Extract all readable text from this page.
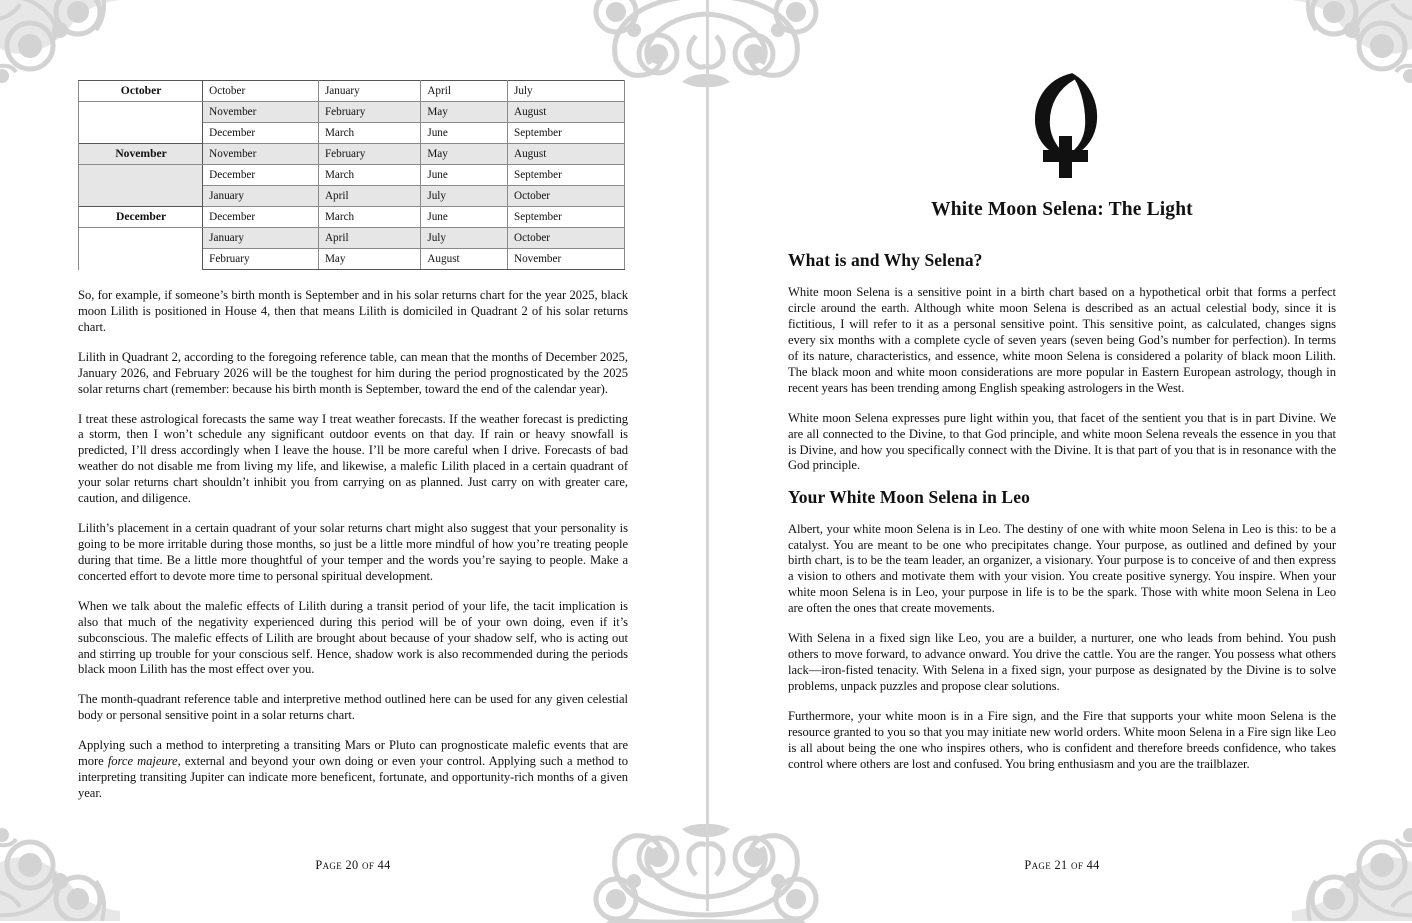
October	October	January	April	July
	November	February	May	August
	December	March	June	September
November	November	February	May	August
	December	March	June	September
	January	April	July	October
December	December	March	June	September
	January	April	July	October
	February	May	August	November

So, for example, if someone’s birth month is September and in his solar returns chart for the year 2025, black moon Lilith is positioned in House 4, then that means Lilith is domiciled in Quadrant 2 of his solar returns chart.

Lilith in Quadrant 2, according to the foregoing reference table, can mean that the months of December 2025, January 2026, and February 2026 will be the toughest for him during the period prognosticated by the 2025 solar returns chart (remember: because his birth month is September, toward the end of the calendar year).

I treat these astrological forecasts the same way I treat weather forecasts. If the weather forecast is predicting a storm, then I won’t schedule any significant outdoor events on that day. If rain or heavy snowfall is predicted, I’ll dress accordingly when I leave the house. I’ll be more careful when I drive. Forecasts of bad weather do not disable me from living my life, and likewise, a malefic Lilith placed in a certain quadrant of your solar returns chart shouldn’t inhibit you from carrying on as planned. Just carry on with greater care, caution, and diligence.

Lilith’s placement in a certain quadrant of your solar returns chart might also suggest that your personality is going to be more irritable during those months, so just be a little more mindful of how you’re treating people during that time. Be a little more thoughtful of your temper and the words you’re saying to people. Make a concerted effort to devote more time to personal spiritual development.

When we talk about the malefic effects of Lilith during a transit period of your life, the tacit implication is also that much of the negativity experienced during this period will be of your own doing, even if it’s subconscious. The malefic effects of Lilith are brought about because of your shadow self, who is acting out and stirring up trouble for your conscious self. Hence, shadow work is also recommended during the periods black moon Lilith has the most effect over you.

The month-quadrant reference table and interpretive method outlined here can be used for any given celestial body or personal sensitive point in a solar returns chart.

Applying such a method to interpreting a transiting Mars or Pluto can prognosticate malefic events that are more force majeure, external and beyond your own doing or even your control. Applying such a method to interpreting transiting Jupiter can indicate more beneficent, fortunate, and opportunity-rich months of a given year.

Page 20 of 44
White Moon Selena: The Light
What is and Why Selena?

White moon Selena is a sensitive point in a birth chart based on a hypothetical orbit that forms a perfect circle around the earth. Although white moon Selena is described as an actual celestial body, since it is fictitious, I will refer to it as a personal sensitive point. This sensitive point, as calculated, changes signs every six months with a complete cycle of seven years (seven being God’s number for perfection). In terms of its nature, characteristics, and essence, white moon Selena is considered a polarity of black moon Lilith. The black moon and white moon considerations are more popular in Eastern European astrology, though in recent years has been trending among English speaking astrologers in the West.

White moon Selena expresses pure light within you, that facet of the sentient you that is in part Divine. We are all connected to the Divine, to that God principle, and white moon Selena reveals the essence in you that is Divine, and how you specifically connect with the Divine. It is that part of you that is in resonance with the God principle.

Your White Moon Selena in Leo

Albert, your white moon Selena is in Leo. The destiny of one with white moon Selena in Leo is this: to be a catalyst. You are meant to be one who precipitates change. Your purpose, as outlined and defined by your birth chart, is to be the team leader, an organizer, a visionary. Your purpose is to conceive of and then express a vision to others and motivate them with your vision. You create positive synergy. You inspire. When your white moon Selena is in Leo, your purpose in life is to be the spark. Those with white moon Selena in Leo are often the ones that create movements.

With Selena in a fixed sign like Leo, you are a builder, a nurturer, one who leads from behind. You push others to move forward, to advance onward. You drive the cattle. You are the ranger. You possess what others lack—iron-fisted tenacity. With Selena in a fixed sign, your purpose as designated by the Divine is to solve problems, unpack puzzles and propose clear solutions.

Furthermore, your white moon is in a Fire sign, and the Fire that supports your white moon Selena is the resource granted to you so that you may initiate new world orders. White moon Selena in a Fire sign like Leo is all about being the one who inspires others, who is confident and therefore breeds confidence, who takes control where others are lost and confused. You bring enthusiasm and you are the trailblazer.

Page 21 of 44
